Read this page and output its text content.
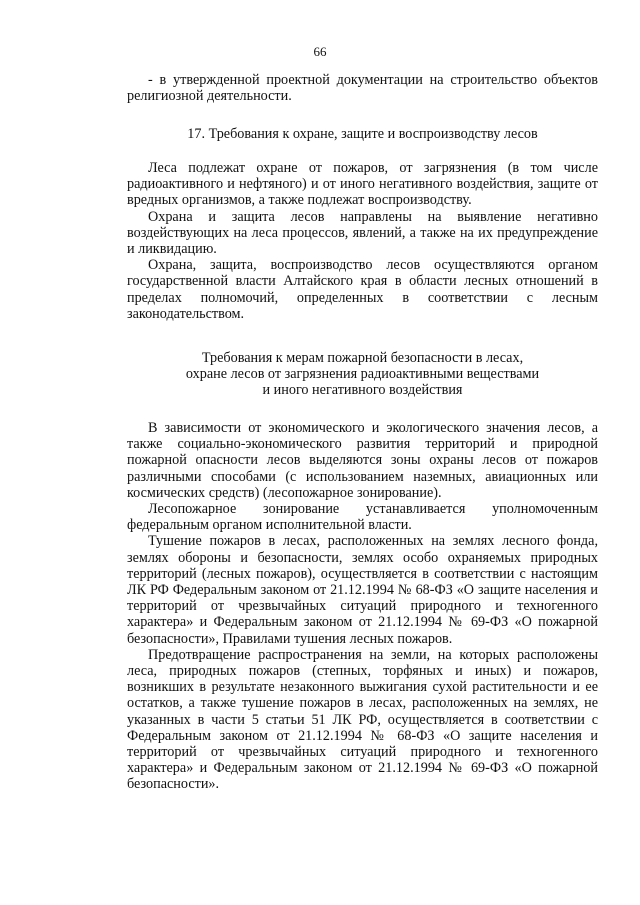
66

- в утвержденной проектной документации на строительство объектов религиозной деятельности.

17. Требования к охране, защите и воспроизводству лесов

Леса подлежат охране от пожаров, от загрязнения (в том числе радиоактивного и нефтяного) и от иного негативного воздействия, защите от вредных организмов, а также подлежат воспроизводству.

Охрана и защита лесов направлены на выявление негативно воздействующих на леса процессов, явлений, а также на их предупреждение и ликвидацию.

Охрана, защита, воспроизводство лесов осуществляются органом государственной власти Алтайского края в области лесных отношений в пределах полномочий, определенных в соответствии с лесным законодательством.

Требования к мерам пожарной безопасности в лесах,
охране лесов от загрязнения радиоактивными веществами
и иного негативного воздействия

В зависимости от экономического и экологического значения лесов, а также социально-экономического развития территорий и природной пожарной опасности лесов выделяются зоны охраны лесов от пожаров различными способами (с использованием наземных, авиационных или космических средств) (лесопожарное зонирование).

Лесопожарное зонирование устанавливается уполномоченным федеральным органом исполнительной власти.

Тушение пожаров в лесах, расположенных на землях лесного фонда, землях обороны и безопасности, землях особо охраняемых природных территорий (лесных пожаров), осуществляется в соответствии с настоящим ЛК РФ Федеральным законом от 21.12.1994 № 68-ФЗ «О защите населения и территорий от чрезвычайных ситуаций природного и техногенного характера» и Федеральным законом от 21.12.1994 № 69-ФЗ «О пожарной безопасности», Правилами тушения лесных пожаров.

Предотвращение распространения на земли, на которых расположены леса, природных пожаров (степных, торфяных и иных) и пожаров, возникших в результате незаконного выжигания сухой растительности и ее остатков, а также тушение пожаров в лесах, расположенных на землях, не указанных в части 5 статьи 51 ЛК РФ, осуществляется в соответствии с Федеральным законом от 21.12.1994 № 68-ФЗ «О защите населения и территорий от чрезвычайных ситуаций природного и техногенного характера» и Федеральным законом от 21.12.1994 № 69-ФЗ «О пожарной безопасности».
